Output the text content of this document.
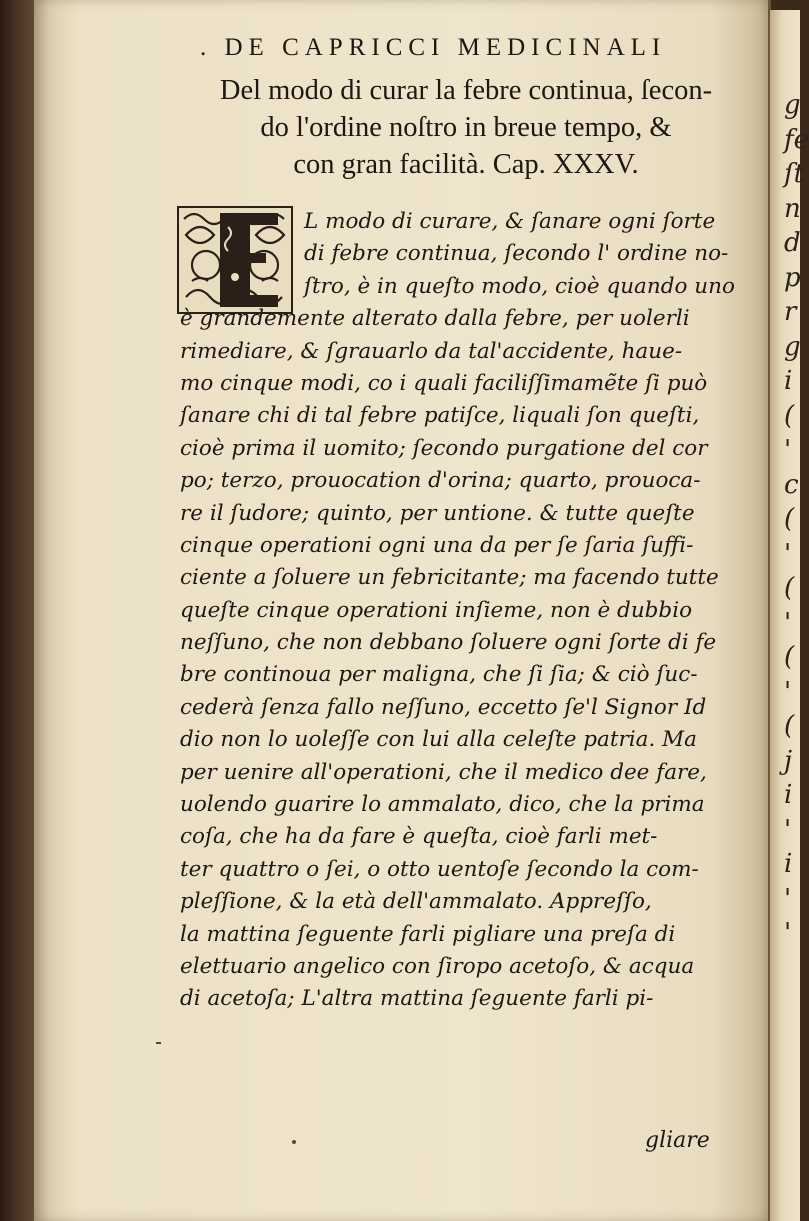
g
fe
ſt
n
d
p
r
g
i
(
'
c
(
'
(
'
(
'
(
j
i
'
i
'
'
. DE CAPRICCI MEDICINALI
Del modo di curar la febre continua, ſecon-
do l'ordine noſtro in breue tempo, &
con gran facilità. Cap. XXXV.
L modo di curare, & ſanare ogni ſorte
di febre continua, ſecondo l' ordine no-
ſtro, è in queſto modo, cioè quando uno
è grandemente alterato dalla febre, per uolerli
rimediare, & ſgrauarlo da tal'accidente, haue-
mo cinque modi, co i quali faciliſſimamẽte ſi può
ſanare chi di tal febre patiſce, liquali ſon queſti,
cioè prima il uomito; ſecondo purgatione del cor
po; terzo, prouocation d'orina; quarto, prouoca-
re il ſudore; quinto, per untione. & tutte queſte
cinque operationi ogni una da per ſe ſaria ſuffi-
ciente a ſoluere un febricitante; ma facendo tutte
queſte cinque operationi inſieme, non è dubbio
neſſuno, che non debbano ſoluere ogni ſorte di fe
bre continoua per maligna, che ſi ſia; & ciò ſuc-
cederà ſenza fallo neſſuno, eccetto ſe'l Signor Id
dio non lo uoleſſe con lui alla celeſte patria. Ma
per uenire all'operationi, che il medico dee fare,
uolendo guarire lo ammalato, dico, che la prima
coſa, che ha da fare è queſta, cioè farli met-
ter quattro o ſei, o otto uentoſe ſecondo la com-
pleſſione, & la età dell'ammalato. Appreſſo,
la mattina ſeguente farli pigliare una preſa di
elettuario angelico con ſiropo acetoſo, & acqua
di acetoſa; L'altra mattina ſeguente farli pi-
gliare
